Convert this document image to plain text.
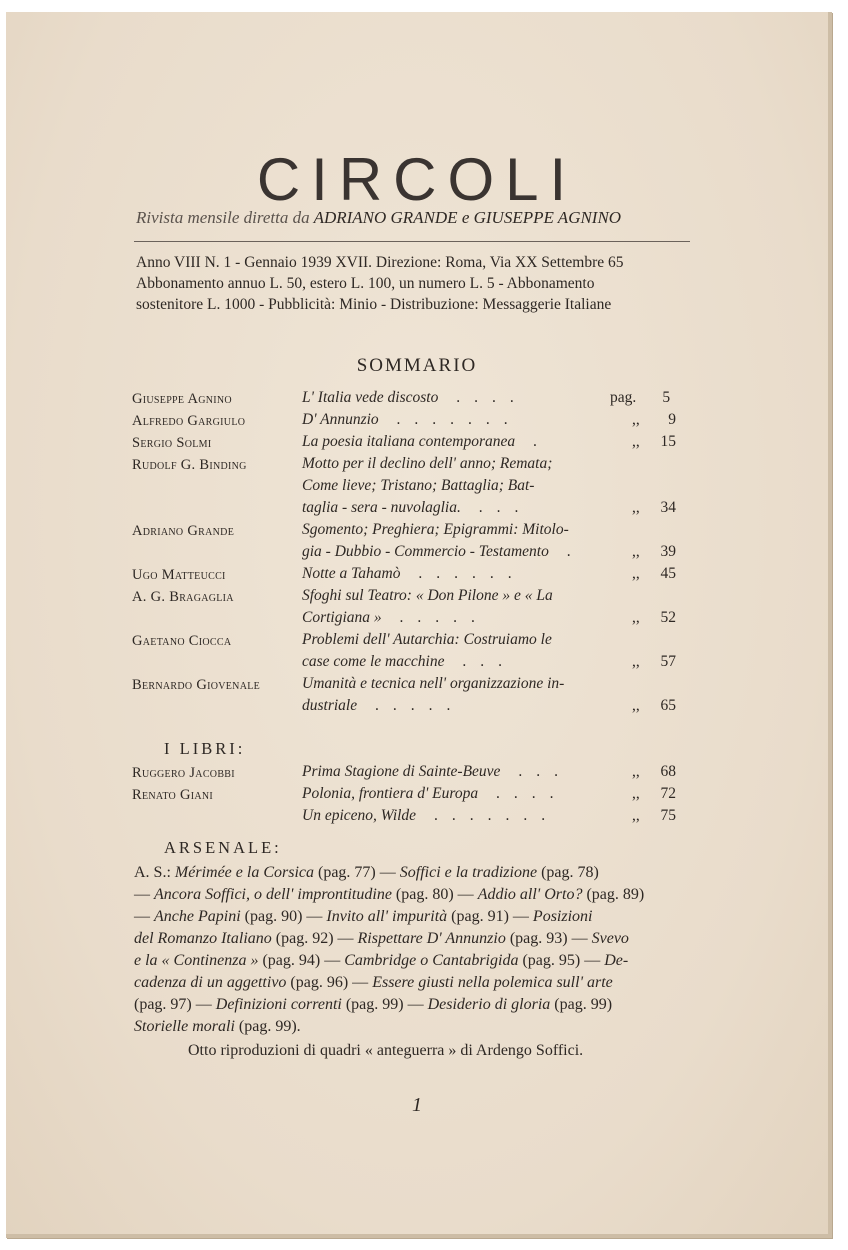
CIRCOLI
Rivista mensile diretta da ADRIANO GRANDE e GIUSEPPE AGNINO
Anno VIII N. 1 - Gennaio 1939 XVII. Direzione: Roma, Via XX Settembre 65
Abbonamento annuo L. 50, estero L. 100, un numero L. 5 - Abbonamento
sostenitore L. 1000 - Pubblicità: Minio - Distribuzione: Messaggerie Italiane
SOMMARIO
Giuseppe Agnino	L' Italia vede discosto ....	pag. 5
Alfredo Gargiulo	D' Annunzio .......	,, 9
Sergio Solmi	La poesia italiana contemporanea .	,, 15
Rudolf G. Binding	Motto per il declino dell' anno; Remata;
Come lieve; Tristano; Battaglia; Bat-
taglia - sera - nuvolaglia. ...	,, 34
Adriano Grande	Sgomento; Preghiera; Epigrammi: Mitolo-
gia - Dubbio - Commercio - Testamento .	,, 39
Ugo Matteucci	Notte a Tahamò ......	,, 45
A. G. Bragaglia	Sfoghi sul Teatro: « Don Pilone » e « La
Cortigiana » .....	,, 52
Gaetano Ciocca	Problemi dell' Autarchia: Costruiamo le
case come le macchine ...	,, 57
Bernardo Giovenale	Umanità e tecnica nell' organizzazione in-
dustriale .....	,, 65
I LIBRI:
Ruggero Jacobbi	Prima Stagione di Sainte-Beuve ...	,, 68
Renato Giani	Polonia, frontiera d' Europa ....	,, 72
Un epiceno, Wilde .......	,, 75
ARSENALE:
A. S.: Mérimée e la Corsica (pag. 77) — Soffici e la tradizione (pag. 78)
— Ancora Soffici, o dell' improntitudine (pag. 80) — Addio all' Orto? (pag. 89)
— Anche Papini (pag. 90) — Invito all' impurità (pag. 91) — Posizioni
del Romanzo Italiano (pag. 92) — Rispettare D' Annunzio (pag. 93) — Svevo
e la « Continenza » (pag. 94) — Cambridge o Cantabrigida (pag. 95) — De-
cadenza di un aggettivo (pag. 96) — Essere giusti nella polemica sull' arte
(pag. 97) — Definizioni correnti (pag. 99) — Desiderio di gloria (pag. 99)
Storielle morali (pag. 99).
Otto riproduzioni di quadri « anteguerra » di Ardengo Soffici.
1
